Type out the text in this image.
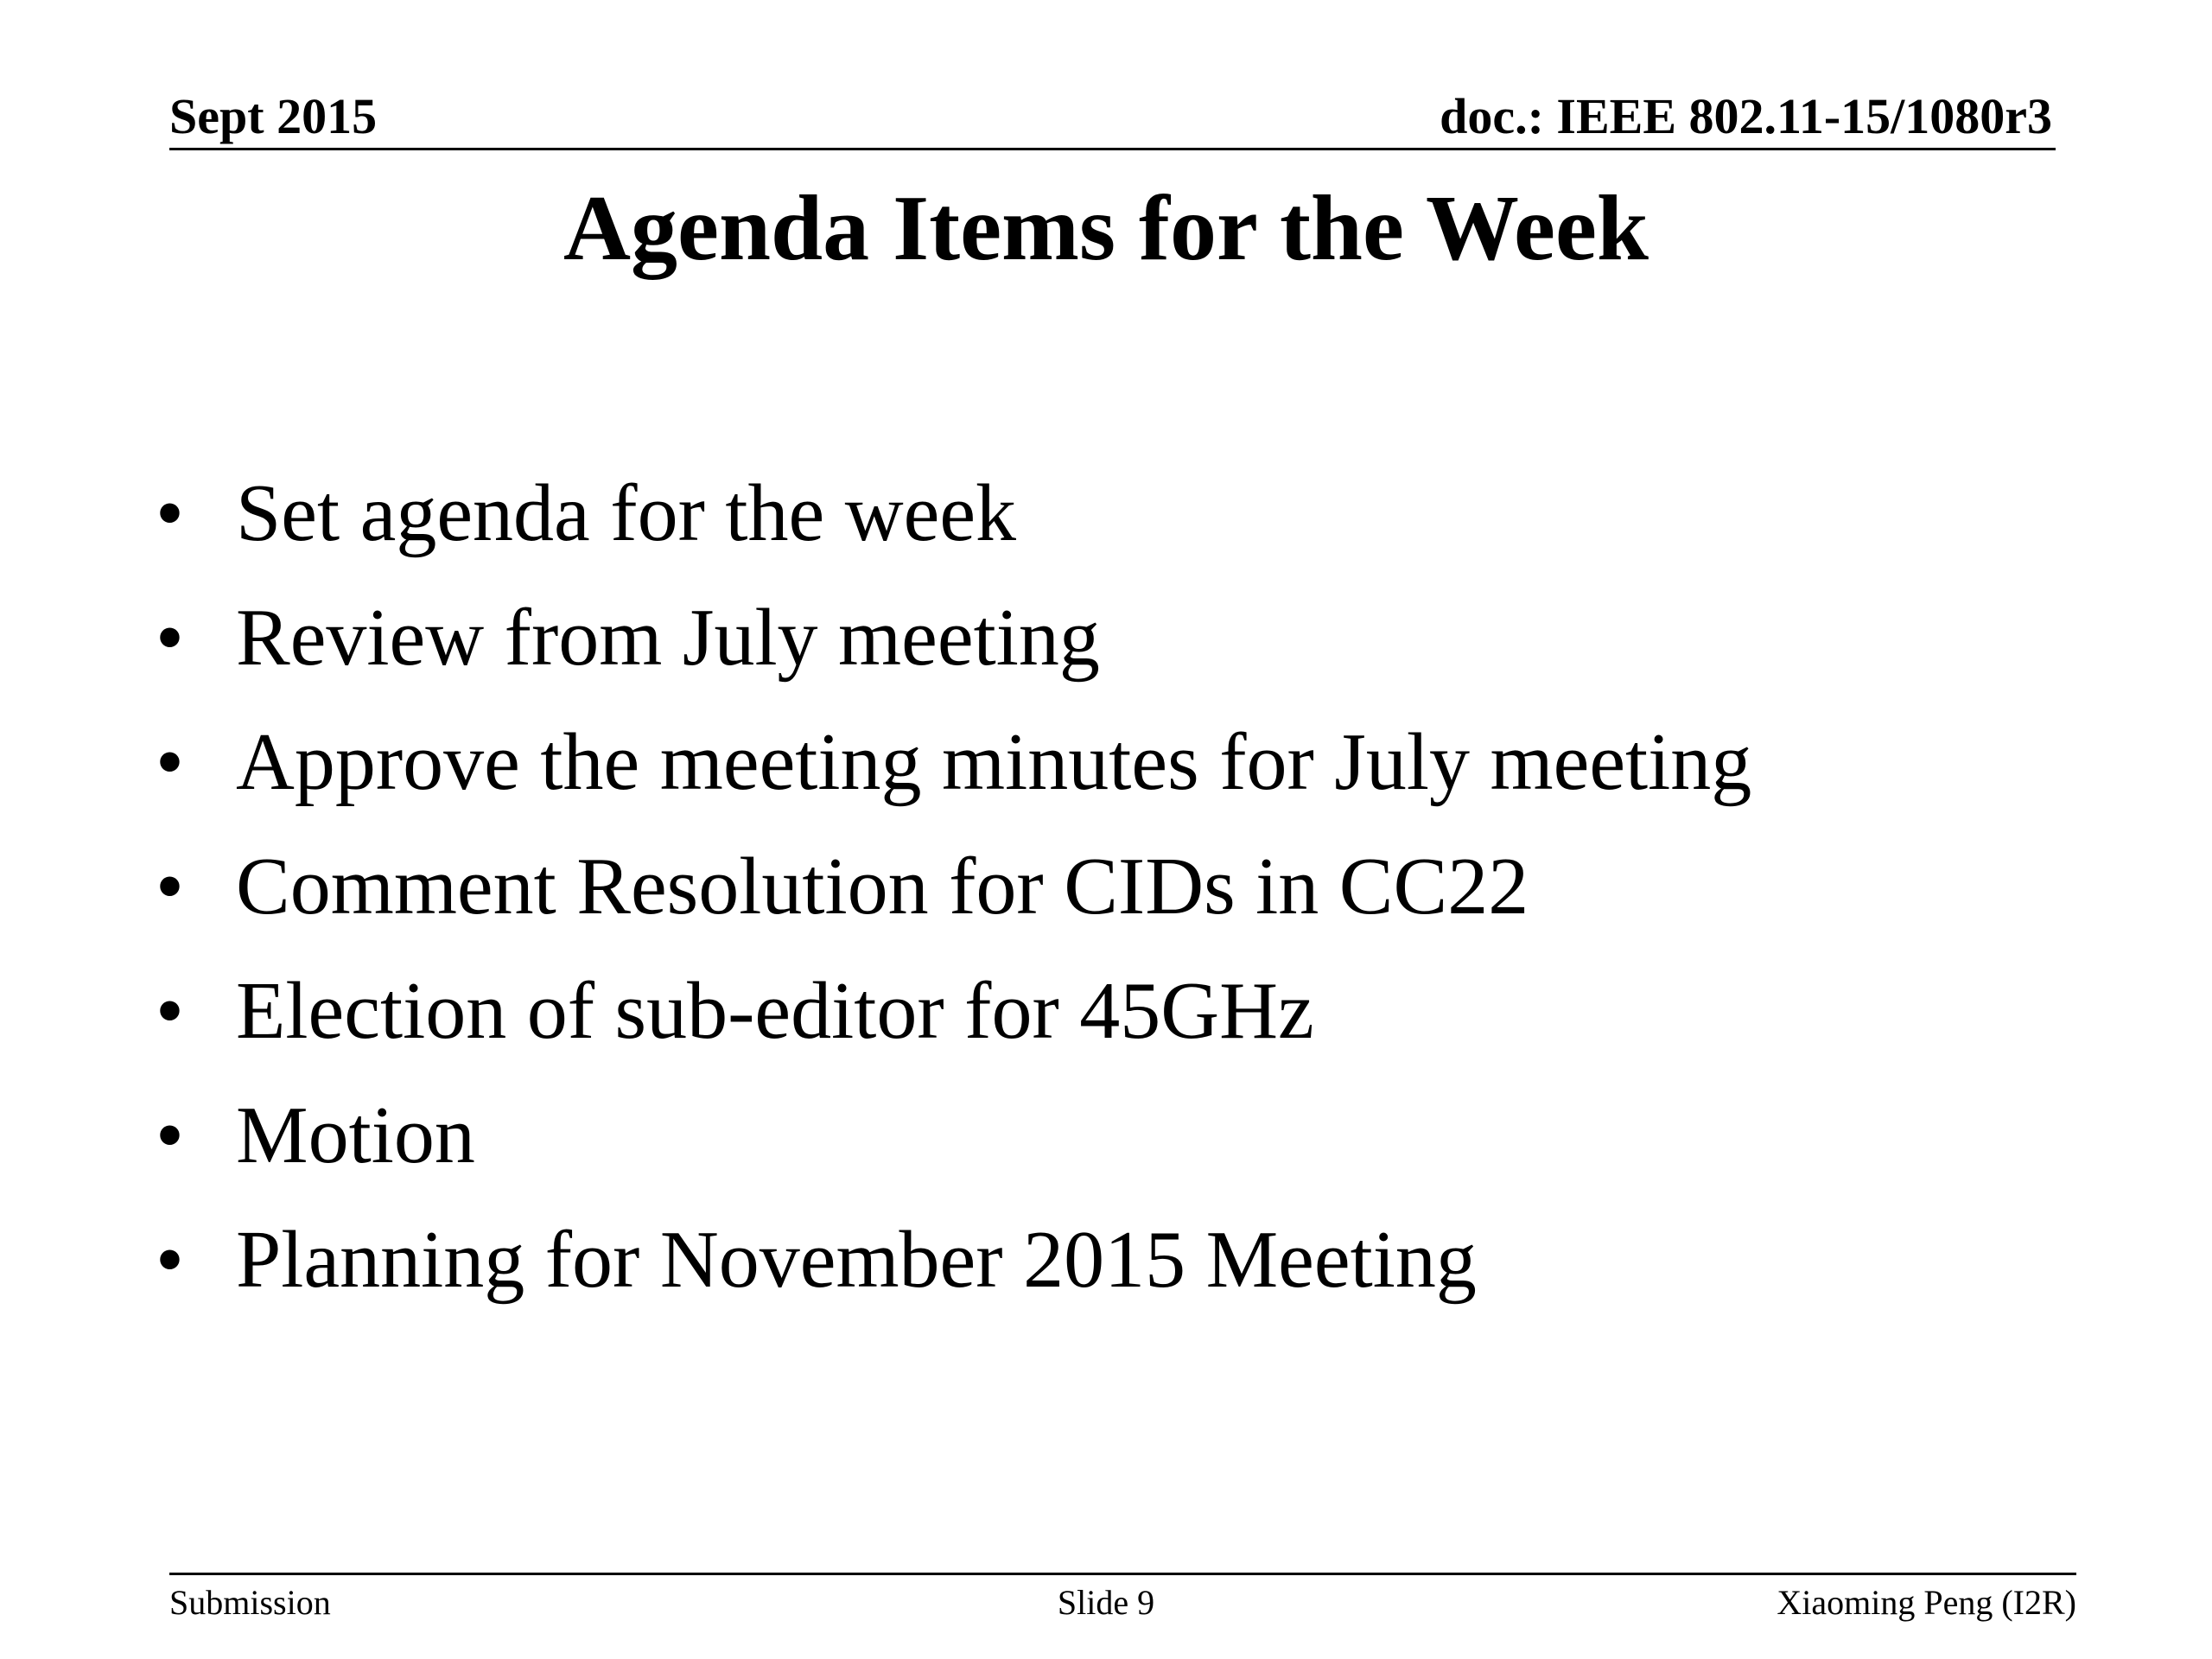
Sept 2015	doc.: IEEE 802.11-15/1080r3
Agenda Items for the Week
• Set agenda for the week
• Review from July meeting
• Approve the meeting minutes for July meeting
• Comment Resolution for CIDs in CC22
• Election of sub-editor for 45GHz
• Motion
• Planning for November 2015 Meeting
Submission	Slide 9	Xiaoming Peng (I2R)
